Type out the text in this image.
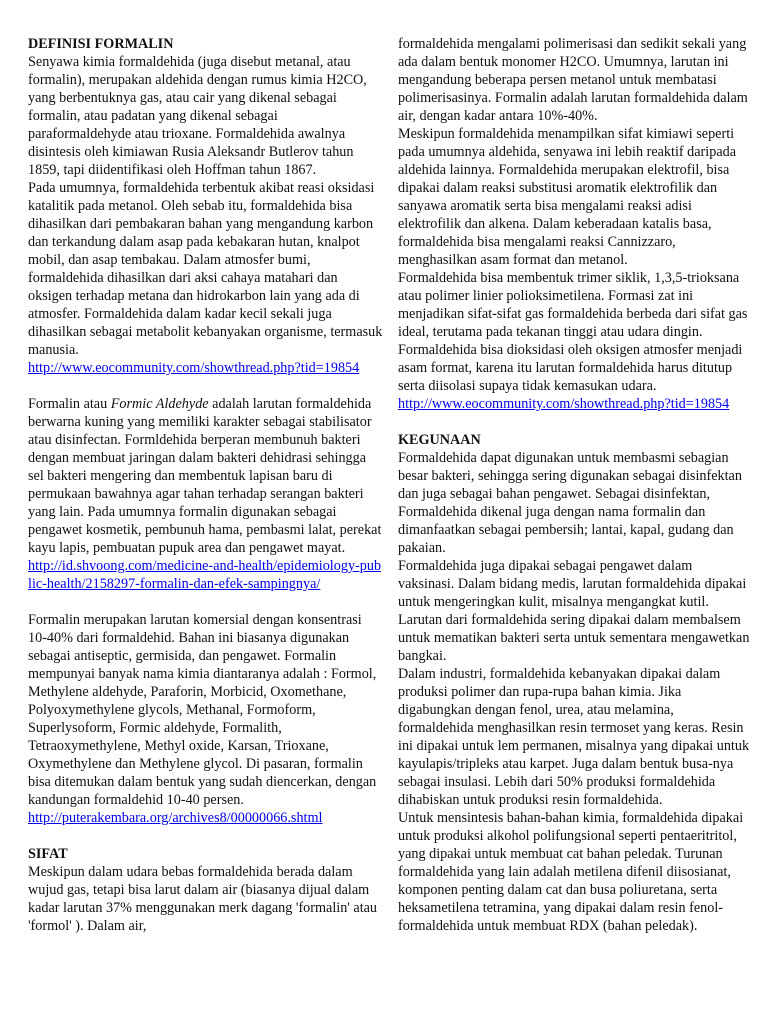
DEFINISI FORMALIN
Senyawa kimia formaldehida (juga disebut metanal, atau formalin), merupakan aldehida dengan rumus kimia H2CO, yang berbentuknya gas, atau cair yang dikenal sebagai formalin, atau padatan yang dikenal sebagai paraformaldehyde atau trioxane. Formaldehida awalnya disintesis oleh kimiawan Rusia Aleksandr Butlerov tahun 1859, tapi diidentifikasi oleh Hoffman tahun 1867.
Pada umumnya, formaldehida terbentuk akibat reasi oksidasi katalitik pada metanol. Oleh sebab itu, formaldehida bisa dihasilkan dari pembakaran bahan yang mengandung karbon dan terkandung dalam asap pada kebakaran hutan, knalpot mobil, dan asap tembakau. Dalam atmosfer bumi, formaldehida dihasilkan dari aksi cahaya matahari dan oksigen terhadap metana dan hidrokarbon lain yang ada di atmosfer. Formaldehida dalam kadar kecil sekali juga dihasilkan sebagai metabolit kebanyakan organisme, termasuk manusia.
http://www.eocommunity.com/showthread.php?tid=19854
Formalin atau Formic Aldehyde adalah larutan formaldehida berwarna kuning yang memiliki karakter sebagai stabilisator atau disinfectan. Formldehida berperan membunuh bakteri dengan membuat jaringan dalam bakteri dehidrasi sehingga sel bakteri mengering dan membentuk lapisan baru di permukaan bawahnya agar tahan terhadap serangan bakteri yang lain. Pada umumnya formalin digunakan sebagai pengawet kosmetik, pembunuh hama, pembasmi lalat, perekat kayu lapis, pembuatan pupuk area dan pengawet mayat.
http://id.shvoong.com/medicine-and-health/epidemiology-public-health/2158297-formalin-dan-efek-sampingnya/
Formalin merupakan larutan komersial dengan konsentrasi 10-40% dari formaldehid. Bahan ini biasanya digunakan sebagai antiseptic, germisida, dan pengawet. Formalin mempunyai banyak nama kimia diantaranya adalah : Formol, Methylene aldehyde, Paraforin, Morbicid, Oxomethane, Polyoxymethylene glycols, Methanal, Formoform, Superlysoform, Formic aldehyde, Formalith, Tetraoxymethylene, Methyl oxide, Karsan, Trioxane, Oxymethylene dan Methylene glycol. Di pasaran, formalin bisa ditemukan dalam bentuk yang sudah diencerkan, dengan kandungan formaldehid 10-40 persen.
http://puterakembara.org/archives8/00000066.shtml
SIFAT
Meskipun dalam udara bebas formaldehida berada dalam wujud gas, tetapi bisa larut dalam air (biasanya dijual dalam kadar larutan 37% menggunakan merk dagang 'formalin' atau 'formol' ). Dalam air,
formaldehida mengalami polimerisasi dan sedikit sekali yang ada dalam bentuk monomer H2CO. Umumnya, larutan ini mengandung beberapa persen metanol untuk membatasi polimerisasinya. Formalin adalah larutan formaldehida dalam air, dengan kadar antara 10%-40%.
Meskipun formaldehida menampilkan sifat kimiawi seperti pada umumnya aldehida, senyawa ini lebih reaktif daripada aldehida lainnya. Formaldehida merupakan elektrofil, bisa dipakai dalam reaksi substitusi aromatik elektrofilik dan sanyawa aromatik serta bisa mengalami reaksi adisi elektrofilik dan alkena. Dalam keberadaan katalis basa, formaldehida bisa mengalami reaksi Cannizzaro, menghasilkan asam format dan metanol.
Formaldehida bisa membentuk trimer siklik, 1,3,5-trioksana atau polimer linier polioksimetilena. Formasi zat ini menjadikan sifat-sifat gas formaldehida berbeda dari sifat gas ideal, terutama pada tekanan tinggi atau udara dingin.
Formaldehida bisa dioksidasi oleh oksigen atmosfer menjadi asam format, karena itu larutan formaldehida harus ditutup serta diisolasi supaya tidak kemasukan udara.
http://www.eocommunity.com/showthread.php?tid=19854
KEGUNAAN
Formaldehida dapat digunakan untuk membasmi sebagian besar bakteri, sehingga sering digunakan sebagai disinfektan dan juga sebagai bahan pengawet. Sebagai disinfektan, Formaldehida dikenal juga dengan nama formalin dan dimanfaatkan sebagai pembersih; lantai, kapal, gudang dan pakaian.
Formaldehida juga dipakai sebagai pengawet dalam vaksinasi. Dalam bidang medis, larutan formaldehida dipakai untuk mengeringkan kulit, misalnya mengangkat kutil. Larutan dari formaldehida sering dipakai dalam membalsem untuk mematikan bakteri serta untuk sementara mengawetkan bangkai.
Dalam industri, formaldehida kebanyakan dipakai dalam produksi polimer dan rupa-rupa bahan kimia. Jika digabungkan dengan fenol, urea, atau melamina, formaldehida menghasilkan resin termoset yang keras. Resin ini dipakai untuk lem permanen, misalnya yang dipakai untuk kayulapis/tripleks atau karpet. Juga dalam bentuk busa-nya sebagai insulasi. Lebih dari 50% produksi formaldehida dihabiskan untuk produksi resin formaldehida.
Untuk mensintesis bahan-bahan kimia, formaldehida dipakai untuk produksi alkohol polifungsional seperti pentaeritritol, yang dipakai untuk membuat cat bahan peledak. Turunan formaldehida yang lain adalah metilena difenil diisosianat, komponen penting dalam cat dan busa poliuretana, serta heksametilena tetramina, yang dipakai dalam resin fenol-formaldehida untuk membuat RDX (bahan peledak).
